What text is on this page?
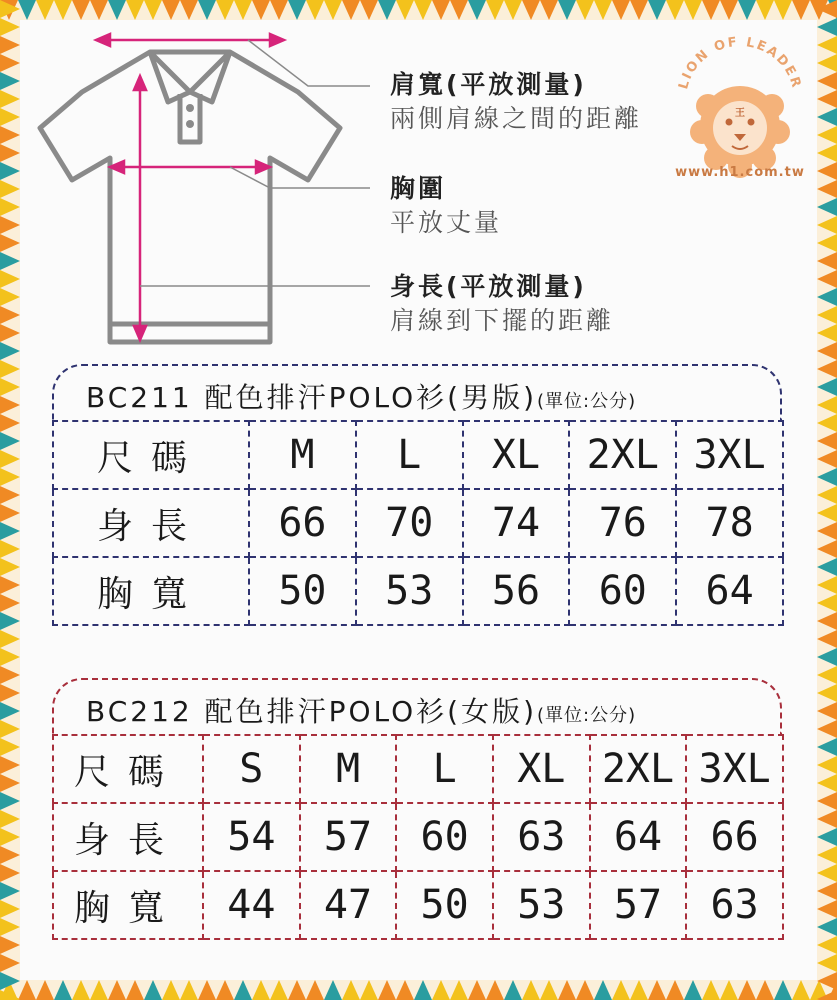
肩寬(平放測量)
兩側肩線之間的距離
胸圍
平放丈量
身長(平放測量)
肩線到下擺的距離
LION OF LEADER
王
www.h1.com.tw
BC211 配色排汗POLO衫(男版)(單位:公分)
尺碼	M	L	XL	2XL	3XL
身長	66	70	74	76	78
胸寬	50	53	56	60	64
BC212 配色排汗POLO衫(女版)(單位:公分)
尺碼	S	M	L	XL	2XL	3XL
身長	54	57	60	63	64	66
胸寬	44	47	50	53	57	63
